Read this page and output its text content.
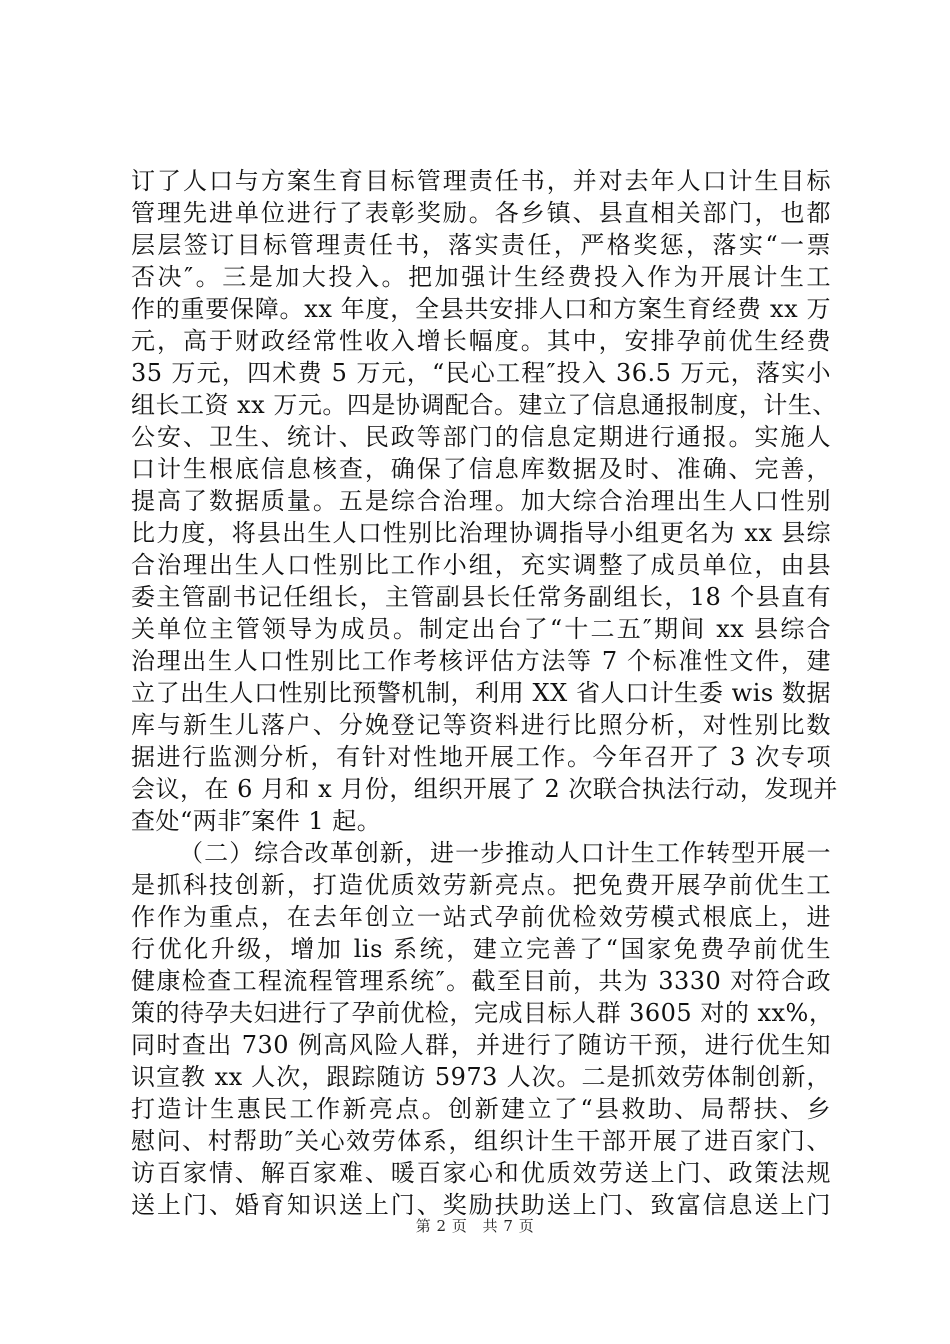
订了人口与方案生育目标管理责任书，并对去年人口计生目标
管理先进单位进行了表彰奖励。各乡镇、县直相关部门，也都
层层签订目标管理责任书，落实责任，严格奖惩，落实“一票
否决″。三是加大投入。把加强计生经费投入作为开展计生工
作的重要保障。xx 年度，全县共安排人口和方案生育经费 xx 万
元，高于财政经常性收入增长幅度。其中，安排孕前优生经费
35 万元，四术费 5 万元，“民心工程″投入 36.5 万元，落实小
组长工资 xx 万元。四是协调配合。建立了信息通报制度，计生、
公安、卫生、统计、民政等部门的信息定期进行通报。实施人
口计生根底信息核查，确保了信息库数据及时、准确、完善，
提高了数据质量。五是综合治理。加大综合治理出生人口性别
比力度，将县出生人口性别比治理协调指导小组更名为 xx 县综
合治理出生人口性别比工作小组，充实调整了成员单位，由县
委主管副书记任组长，主管副县长任常务副组长，18 个县直有
关单位主管领导为成员。制定出台了“十二五″期间 xx 县综合
治理出生人口性别比工作考核评估方法等 7 个标准性文件，建
立了出生人口性别比预警机制，利用 XX 省人口计生委 wis 数据
库与新生儿落户、分娩登记等资料进行比照分析，对性别比数
据进行监测分析，有针对性地开展工作。今年召开了 3 次专项
会议，在 6 月和 x 月份，组织开展了 2 次联合执法行动，发现并
查处“两非″案件 1 起。
（二）综合改革创新，进一步推动人口计生工作转型开展一
是抓科技创新，打造优质效劳新亮点。把免费开展孕前优生工
作作为重点，在去年创立一站式孕前优检效劳模式根底上，进
行优化升级，增加 lis 系统，建立完善了“国家免费孕前优生
健康检查工程流程管理系统″。截至目前，共为 3330 对符合政
策的待孕夫妇进行了孕前优检，完成目标人群 3605 对的 xx%，
同时查出 730 例高风险人群，并进行了随访干预，进行优生知
识宣教 xx 人次，跟踪随访 5973 人次。二是抓效劳体制创新，
打造计生惠民工作新亮点。创新建立了“县救助、局帮扶、乡
慰问、村帮助″关心效劳体系，组织计生干部开展了进百家门、
访百家情、解百家难、暖百家心和优质效劳送上门、政策法规
送上门、婚育知识送上门、奖励扶助送上门、致富信息送上门
第 2 页 共 7 页
